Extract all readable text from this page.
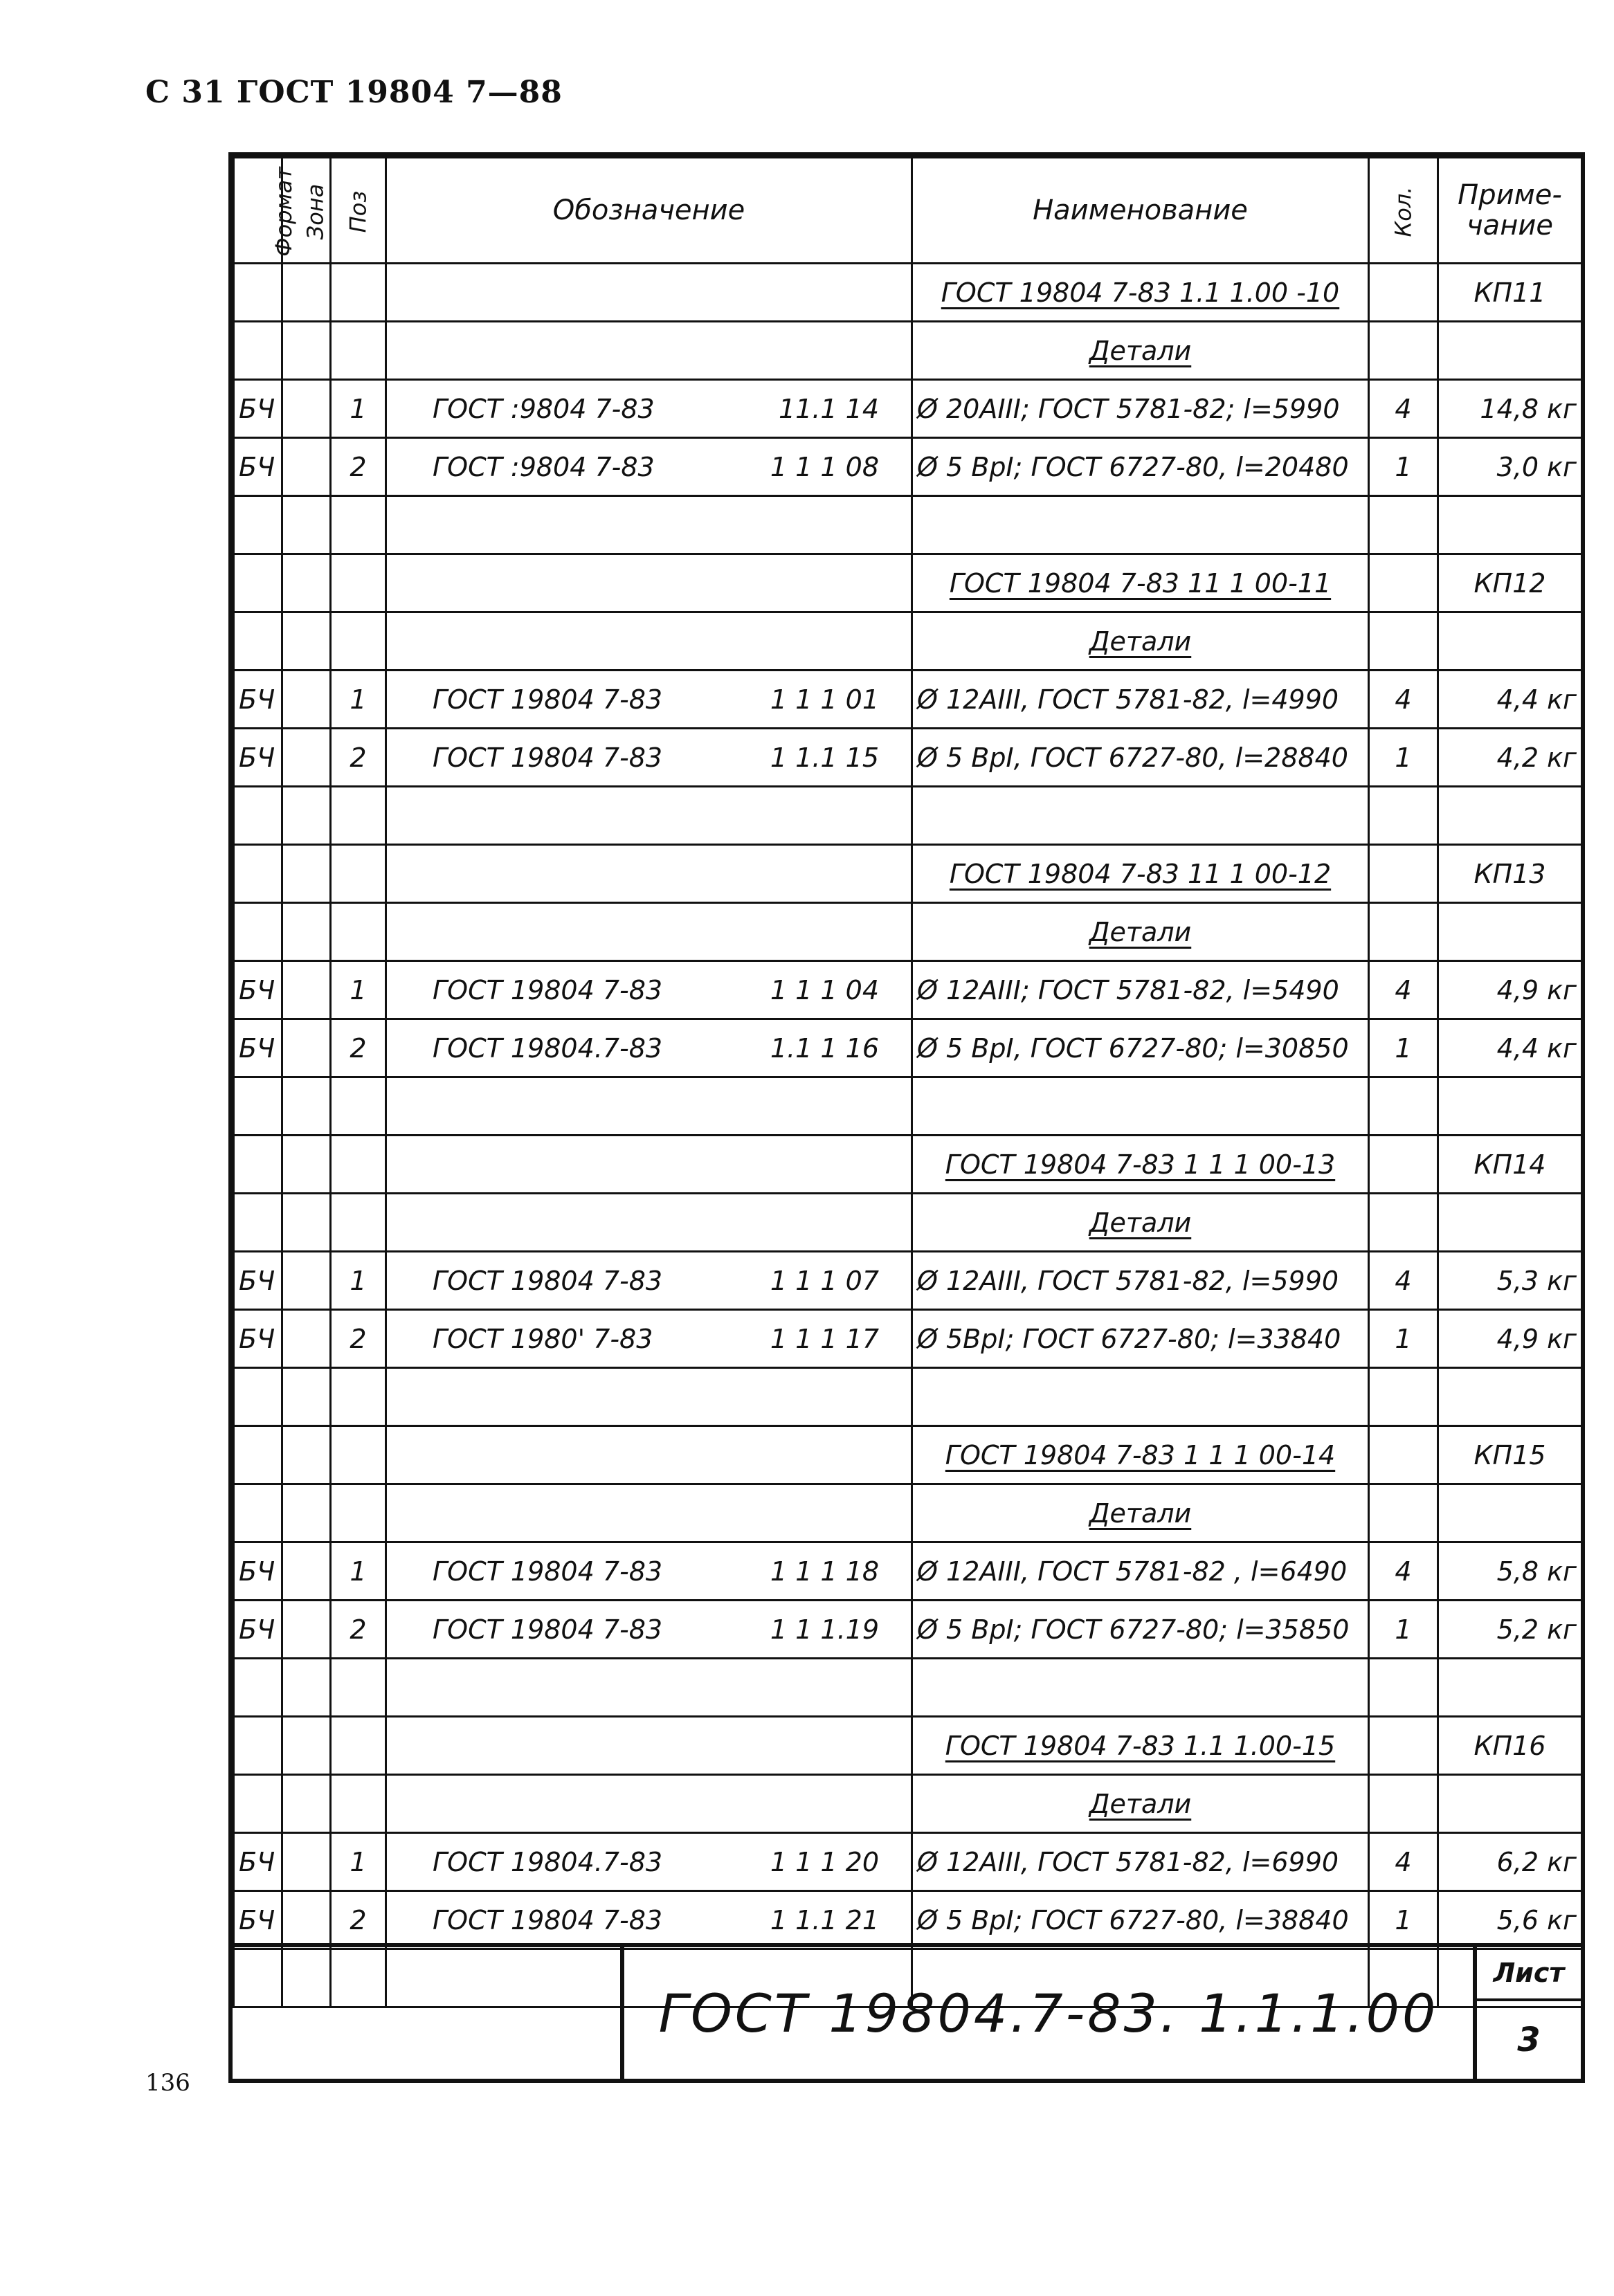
С 31 ГОСТ 19804 7—88
Формат	Зона	Поз	Обозначение	Наименование	Кол.	Приме-
чание
				ГОСТ 19804 7-83 1.1 1.00 -10		КП11
				Детали		
БЧ		1	ГОСТ :9804 7-83 11.1 14	Ø 20AIII; ГОСТ 5781-82; l=5990	4	14,8 кг
БЧ		2	ГОСТ :9804 7-83 1 1 1 08	Ø 5 BpI; ГОСТ 6727-80, l=20480	1	3,0 кг

				ГОСТ 19804 7-83 11 1 00-11		КП12
				Детали		
БЧ		1	ГОСТ 19804 7-83 1 1 1 01	Ø 12AIII, ГОСТ 5781-82, l=4990	4	4,4 кг
БЧ		2	ГОСТ 19804 7-83 1 1.1 15	Ø 5 BpI, ГОСТ 6727-80, l=28840	1	4,2 кг

				ГОСТ 19804 7-83 11 1 00-12		КП13
				Детали		
БЧ		1	ГОСТ 19804 7-83 1 1 1 04	Ø 12AIII; ГОСТ 5781-82, l=5490	4	4,9 кг
БЧ		2	ГОСТ 19804.7-83 1.1 1 16	Ø 5 BpI, ГОСТ 6727-80; l=30850	1	4,4 кг

				ГОСТ 19804 7-83 1 1 1 00-13		КП14
				Детали		
БЧ		1	ГОСТ 19804 7-83 1 1 1 07	Ø 12AIII, ГОСТ 5781-82, l=5990	4	5,3 кг
БЧ		2	ГОСТ 1980' 7-83 1 1 1 17	Ø 5BpI; ГОСТ 6727-80; l=33840	1	4,9 кг

				ГОСТ 19804 7-83 1 1 1 00-14		КП15
				Детали		
БЧ		1	ГОСТ 19804 7-83 1 1 1 18	Ø 12AIII, ГОСТ 5781-82 , l=6490	4	5,8 кг
БЧ		2	ГОСТ 19804 7-83 1 1 1.19	Ø 5 BpI; ГОСТ 6727-80; l=35850	1	5,2 кг

				ГОСТ 19804 7-83 1.1 1.00-15		КП16
				Детали		
БЧ		1	ГОСТ 19804.7-83 1 1 1 20	Ø 12AIII, ГОСТ 5781-82, l=6990	4	6,2 кг
БЧ		2	ГОСТ 19804 7-83 1 1.1 21	Ø 5 BpI; ГОСТ 6727-80, l=38840	1	5,6 кг

ГОСТ 19804.7-83. 1.1.1.00
Лист
3
136
